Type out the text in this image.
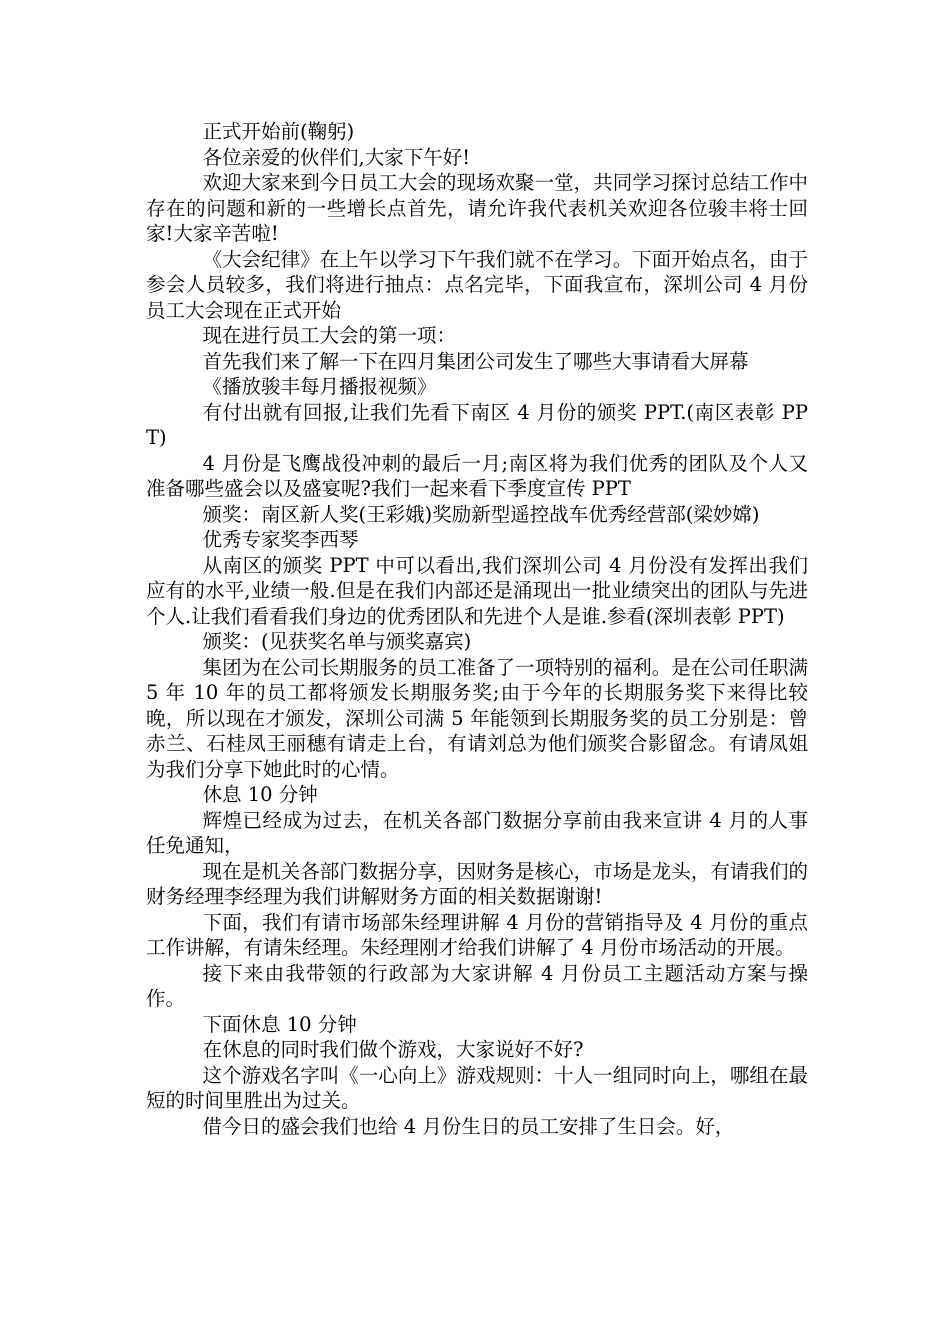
正式开始前(鞠躬)

各位亲爱的伙伴们,大家下午好!

欢迎大家来到今日员工大会的现场欢聚一堂，共同学习探讨总结工作中存在的问题和新的一些增长点首先，请允许我代表机关欢迎各位骏丰将士回家!大家辛苦啦!

《大会纪律》在上午以学习下午我们就不在学习。下面开始点名，由于参会人员较多，我们将进行抽点：点名完毕，下面我宣布，深圳公司 4 月份员工大会现在正式开始

现在进行员工大会的第一项：

首先我们来了解一下在四月集团公司发生了哪些大事请看大屏幕

《播放骏丰每月播报视频》

有付出就有回报,让我们先看下南区 4 月份的颁奖 PPT.(南区表彰 PPT)

4 月份是飞鹰战役冲刺的最后一月;南区将为我们优秀的团队及个人又准备哪些盛会以及盛宴呢?我们一起来看下季度宣传 PPT

颁奖：南区新人奖(王彩娥)奖励新型遥控战车优秀经营部(梁妙嫦)

优秀专家奖李西琴

从南区的颁奖 PPT 中可以看出,我们深圳公司 4 月份没有发挥出我们应有的水平,业绩一般.但是在我们内部还是涌现出一批业绩突出的团队与先进个人.让我们看看我们身边的优秀团队和先进个人是谁.参看(深圳表彰 PPT)

颁奖：(见获奖名单与颁奖嘉宾)

集团为在公司长期服务的员工准备了一项特别的福利。是在公司任职满 5 年 10 年的员工都将颁发长期服务奖;由于今年的长期服务奖下来得比较晚，所以现在才颁发，深圳公司满 5 年能领到长期服务奖的员工分别是：曾赤兰、石桂凤王丽穗有请走上台，有请刘总为他们颁奖合影留念。有请凤姐为我们分享下她此时的心情。

休息 10 分钟

辉煌已经成为过去，在机关各部门数据分享前由我来宣讲 4 月的人事任免通知，

现在是机关各部门数据分享，因财务是核心，市场是龙头，有请我们的财务经理李经理为我们讲解财务方面的相关数据谢谢!

下面，我们有请市场部朱经理讲解 4 月份的营销指导及 4 月份的重点工作讲解，有请朱经理。朱经理刚才给我们讲解了 4 月份市场活动的开展。

接下来由我带领的行政部为大家讲解 4 月份员工主题活动方案与操作。

下面休息 10 分钟

在休息的同时我们做个游戏，大家说好不好?

这个游戏名字叫《一心向上》游戏规则：十人一组同时向上，哪组在最短的时间里胜出为过关。

借今日的盛会我们也给 4 月份生日的员工安排了生日会。好，
